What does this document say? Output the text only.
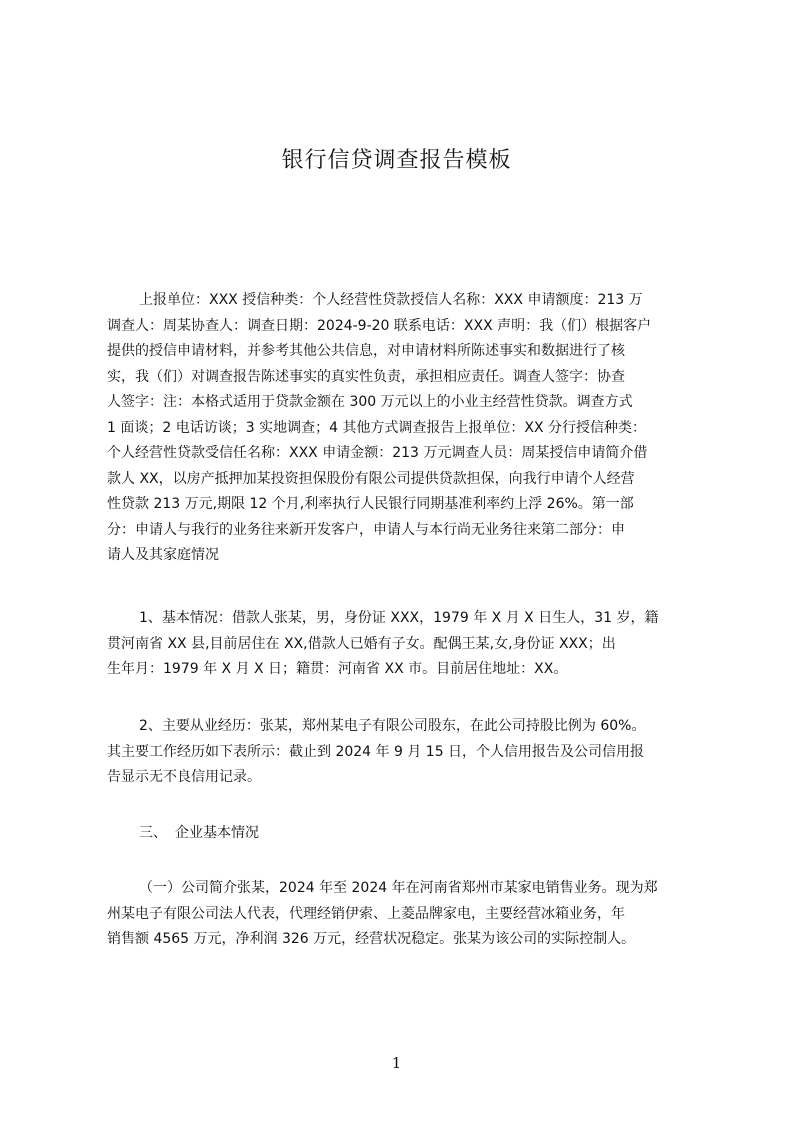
银行信贷调查报告模板
上报单位：XXX 授信种类：个人经营性贷款授信人名称：XXX 申请额度：213 万
调查人：周某协查人：调查日期：2024-9-20 联系电话：XXX 声明：我（们）根据客户
提供的授信申请材料，并参考其他公共信息，对申请材料所陈述事实和数据进行了核
实，我（们）对调查报告陈述事实的真实性负责，承担相应责任。调查人签字：协查
人签字：注：本格式适用于贷款金额在 300 万元以上的小业主经营性贷款。调查方式
1 面谈；2 电话访谈；3 实地调查；4 其他方式调查报告上报单位：XX 分行授信种类：
个人经营性贷款受信任名称：XXX 申请金额：213 万元调查人员：周某授信申请简介借
款人 XX，以房产抵押加某投资担保股份有限公司提供贷款担保，向我行申请个人经营
性贷款 213 万元,期限 12 个月,利率执行人民银行同期基准利率约上浮 26%。第一部
分：申请人与我行的业务往来新开发客户，申请人与本行尚无业务往来第二部分：申
请人及其家庭情况
1、基本情况：借款人张某，男，身份证 XXX，1979 年 X 月 X 日生人，31 岁，籍
贯河南省 XX 县,目前居住在 XX,借款人已婚有子女。配偶王某,女,身份证 XXX；出
生年月：1979 年 X 月 X 日；籍贯：河南省 XX 市。目前居住地址：XX。
2、主要从业经历：张某，郑州某电子有限公司股东，在此公司持股比例为 60%。
其主要工作经历如下表所示：截止到 2024 年 9 月 15 日，个人信用报告及公司信用报
告显示无不良信用记录。
三、 企业基本情况
（一）公司简介张某，2024 年至 2024 年在河南省郑州市某家电销售业务。现为郑
州某电子有限公司法人代表，代理经销伊索、上菱品牌家电，主要经营冰箱业务，年
销售额 4565 万元，净利润 326 万元，经营状况稳定。张某为该公司的实际控制人。
1
